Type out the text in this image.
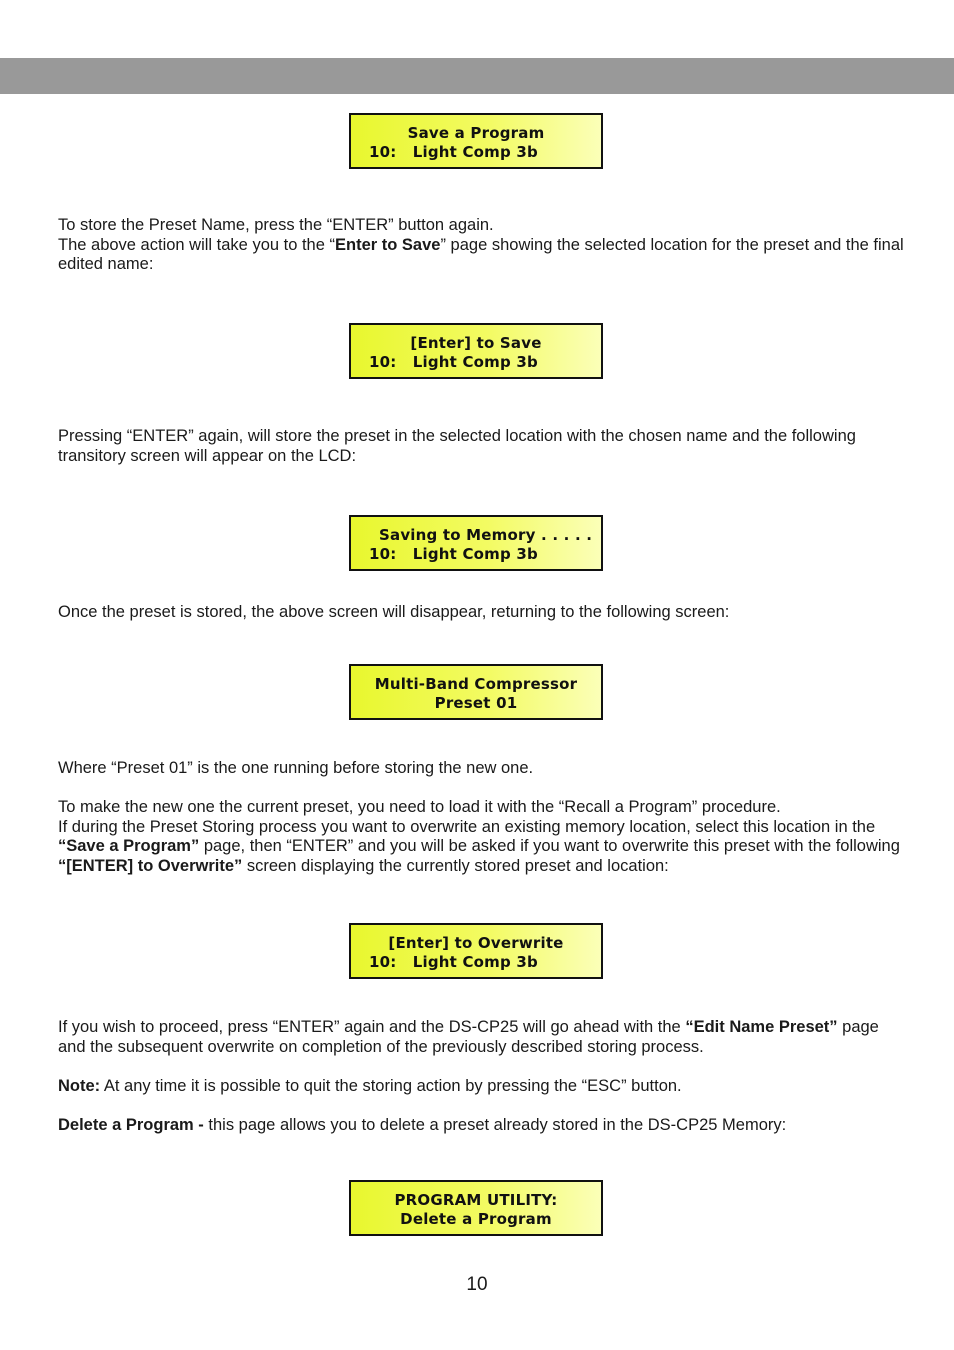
Save a Program
10:   Light Comp 3b

To store the Preset Name, press the “ENTER” button again.
The above action will take you to the “Enter to Save” page showing the selected location for the preset and the final edited name:

[Enter] to Save
10:   Light Comp 3b

Pressing “ENTER” again, will store the preset in the selected location with the chosen name and the following transitory screen will appear on the LCD:

Saving to Memory . . . . .
10:   Light Comp 3b

Once the preset is stored, the above screen will disappear, returning to the following screen:

Multi-Band Compressor
Preset 01

Where “Preset 01” is the one running before storing the new one.

To make the new one the current preset, you need to load it with the “Recall a Program” procedure.
If during the Preset Storing process you want to overwrite an existing memory location, select this location in the “Save a Program” page, then “ENTER” and you will be asked if you want to overwrite this preset with the following “[ENTER] to Overwrite” screen displaying the currently stored preset and location:

[Enter] to Overwrite
10:   Light Comp 3b

If you wish to proceed, press “ENTER” again and the DS-CP25 will go ahead with the “Edit Name Preset” page and the subsequent overwrite on completion of the previously described storing process.

Note: At any time it is possible to quit the storing action by pressing the “ESC” button.

Delete a Program - this page allows you to delete a preset already stored in the DS-CP25 Memory:

PROGRAM UTILITY:
Delete a Program
10
